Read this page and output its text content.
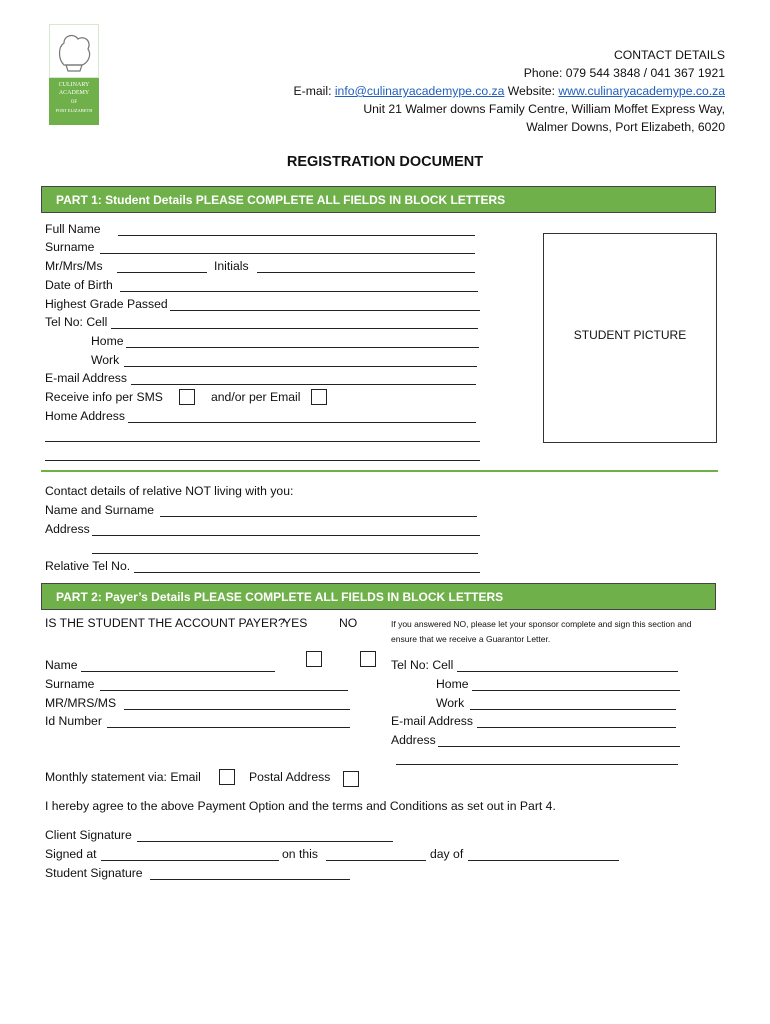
CULINARY
ACADEMY
OF
PORT ELIZABETH
CONTACT DETAILS
Phone: 079 544 3848 / 041 367 1921
E-mail: info@culinaryacademype.co.za Website: www.culinaryacademype.co.za
Unit 21 Walmer downs Family Centre, William Moffet Express Way,
Walmer Downs, Port Elizabeth, 6020
REGISTRATION DOCUMENT
PART 1: Student Details PLEASE COMPLETE ALL FIELDS IN BLOCK LETTERS
Full Name
Surname
Mr/Mrs/Ms	Initials
Date of Birth
Highest Grade Passed
Tel No: Cell
Home
Work
E-mail Address
Receive info per SMS	and/or per Email
Home Address
STUDENT PICTURE
Contact details of relative NOT living with you:
Name and Surname
Address
Relative Tel No.
PART 2: Payer’s Details PLEASE COMPLETE ALL FIELDS IN BLOCK LETTERS
IS THE STUDENT THE ACCOUNT PAYER?
YES	NO	If you answered NO, please let your sponsor complete and sign this section and
ensure that we receive a Guarantor Letter.
Name
Surname
MR/MRS/MS
Id Number
Tel No: Cell
Home
Work
E-mail Address
Address
Monthly statement via: Email	Postal Address
I hereby agree to the above Payment Option and the terms and Conditions as set out in Part 4.
Client Signature
Signed at	on this	day of
Student Signature
